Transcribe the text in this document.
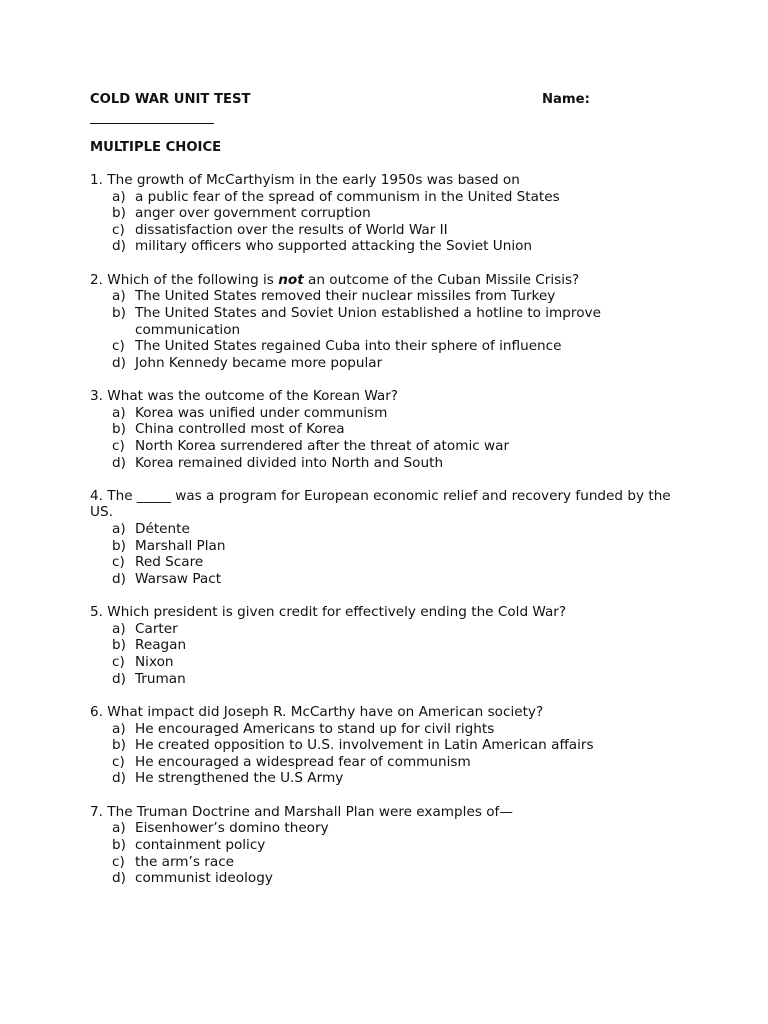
COLD WAR UNIT TEST	Name:
MULTIPLE CHOICE
1. The growth of McCarthyism in the early 1950s was based on
a) a public fear of the spread of communism in the United States
b) anger over government corruption
c) dissatisfaction over the results of World War II
d) military officers who supported attacking the Soviet Union
2. Which of the following is not an outcome of the Cuban Missile Crisis?
a) The United States removed their nuclear missiles from Turkey
b) The United States and Soviet Union established a hotline to improve communication
c) The United States regained Cuba into their sphere of influence
d) John Kennedy became more popular
3. What was the outcome of the Korean War?
a) Korea was unified under communism
b) China controlled most of Korea
c) North Korea surrendered after the threat of atomic war
d) Korea remained divided into North and South
4. The _____ was a program for European economic relief and recovery funded by the US.
a) Détente
b) Marshall Plan
c) Red Scare
d) Warsaw Pact
5. Which president is given credit for effectively ending the Cold War?
a) Carter
b) Reagan
c) Nixon
d) Truman
6. What impact did Joseph R. McCarthy have on American society?
a) He encouraged Americans to stand up for civil rights
b) He created opposition to U.S. involvement in Latin American affairs
c) He encouraged a widespread fear of communism
d) He strengthened the U.S Army
7. The Truman Doctrine and Marshall Plan were examples of—
a) Eisenhower’s domino theory
b) containment policy
c) the arm’s race
d) communist ideology
